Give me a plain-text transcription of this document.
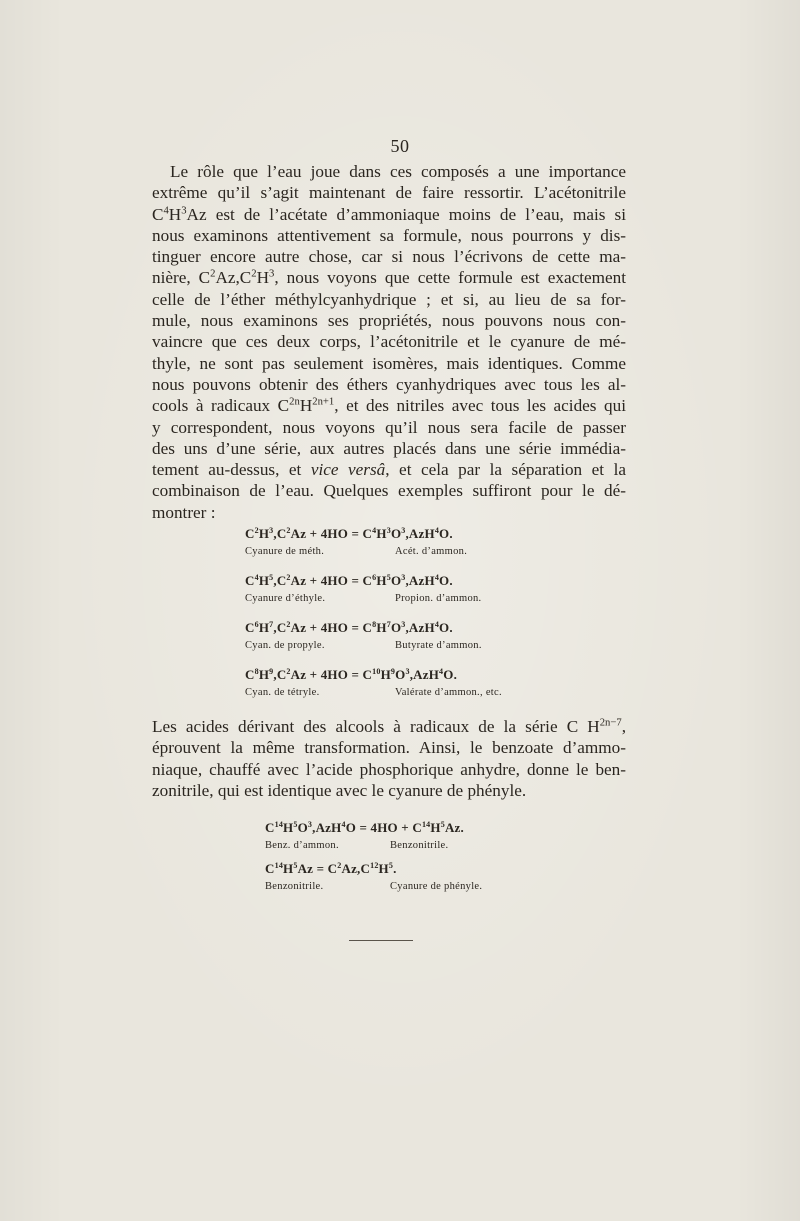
50
Le rôle que l’eau joue dans ces composés a une importance
extrême qu’il s’agit maintenant de faire ressortir. L’acétonitrile
$C^4H^3Az$ est de l’acétate d’ammoniaque moins de l’eau, mais si
nous examinons attentivement sa formule, nous pourrons y dis-
tinguer encore autre chose, car si nous l’écrivons de cette ma-
nière, $C^2Az,C^2H^3$, nous voyons que cette formule est exactement
celle de l’éther méthylcyanhydrique ; et si, au lieu de sa for-
mule, nous examinons ses propriétés, nous pouvons nous con-
vaincre que ces deux corps, l’acétonitrile et le cyanure de mé-
thyle, ne sont pas seulement isomères, mais identiques. Comme
nous pouvons obtenir des éthers cyanhydriques avec tous les al-
cools à radicaux $C^{2n}H^{2n+1}$, et des nitriles avec tous les acides qui
y correspondent, nous voyons qu’il nous sera facile de passer
des uns d’une série, aux autres placés dans une série immédia-
tement au-dessus, et vice versâ, et cela par la séparation et la
combinaison de l’eau. Quelques exemples suffiront pour le dé-
montrer :
$C^2H^3,C^2Az + 4HO = C^4H^3O^3,AzH^4O$.
Cyanure de méth.	Acét. d’ammon.
$C^4H^5,C^2Az + 4HO = C^6H^5O^3,AzH^4O$.
Cyanure d’éthyle.	Propion. d’ammon.
$C^6H^7,C^2Az + 4HO = C^8H^7O^3,AzH^4O$.
Cyan. de propyle.	Butyrate d’ammon.
$C^8H^9,C^2Az + 4HO = C^{10}H^9O^3,AzH^4O$.
Cyan. de tétryle.	Valérate d’ammon., etc.
Les acides dérivant des alcools à radicaux de la série C $H^{2n-7}$,
éprouvent la même transformation. Ainsi, le benzoate d’ammo-
niaque, chauffé avec l’acide phosphorique anhydre, donne le ben-
zonitrile, qui est identique avec le cyanure de phényle.
$C^{14}H^5O^3,AzH^4O = 4HO + C^{14}H^5Az$.
Benz. d’ammon.	Benzonitrile.
$C^{14}H^5Az = C^2Az,C^{12}H^5$.
Benzonitrile.	Cyanure de phényle.
